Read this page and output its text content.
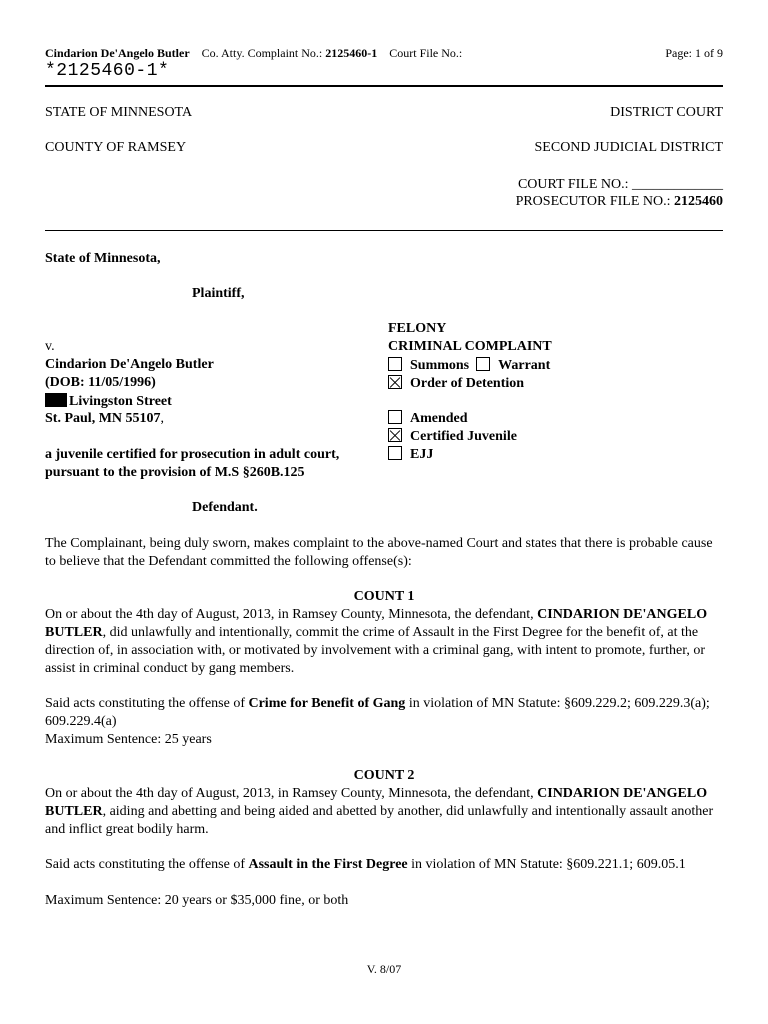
Cindarion De'Angelo Butler Co. Atty. Complaint No.: 2125460-1 Court File No.:	Page: 1 of 9
*2125460-1*
STATE OF MINNESOTA	DISTRICT COURT
COUNTY OF RAMSEY	SECOND JUDICIAL DISTRICT
COURT FILE NO.: _____________
PROSECUTOR FILE NO.: 2125460
State of Minnesota,
Plaintiff,
v.
Cindarion De'Angelo Butler
(DOB: 11/05/1996)
Livingston Street
St. Paul, MN 55107,
a juvenile certified for prosecution in adult court,
pursuant to the provision of M.S §260B.125
Defendant.
FELONY
CRIMINAL COMPLAINT
Summons Warrant
Order of Detention
Amended
Certified Juvenile
EJJ
The Complainant, being duly sworn, makes complaint to the above-named Court and states that there is probable cause to believe that the Defendant committed the following offense(s):
COUNT 1
On or about the 4th day of August, 2013, in Ramsey County, Minnesota, the defendant, CINDARION DE'ANGELO BUTLER, did unlawfully and intentionally, commit the crime of Assault in the First Degree for the benefit of, at the direction of, in association with, or motivated by involvement with a criminal gang, with intent to promote, further, or assist in criminal conduct by gang members.
Said acts constituting the offense of Crime for Benefit of Gang in violation of MN Statute: §609.229.2; 609.229.3(a); 609.229.4(a)
Maximum Sentence: 25 years
COUNT 2
On or about the 4th day of August, 2013, in Ramsey County, Minnesota, the defendant, CINDARION DE'ANGELO BUTLER, aiding and abetting and being aided and abetted by another, did unlawfully and intentionally assault another and inflict great bodily harm.
Said acts constituting the offense of Assault in the First Degree in violation of MN Statute: §609.221.1; 609.05.1
Maximum Sentence: 20 years or $35,000 fine, or both
V. 8/07
